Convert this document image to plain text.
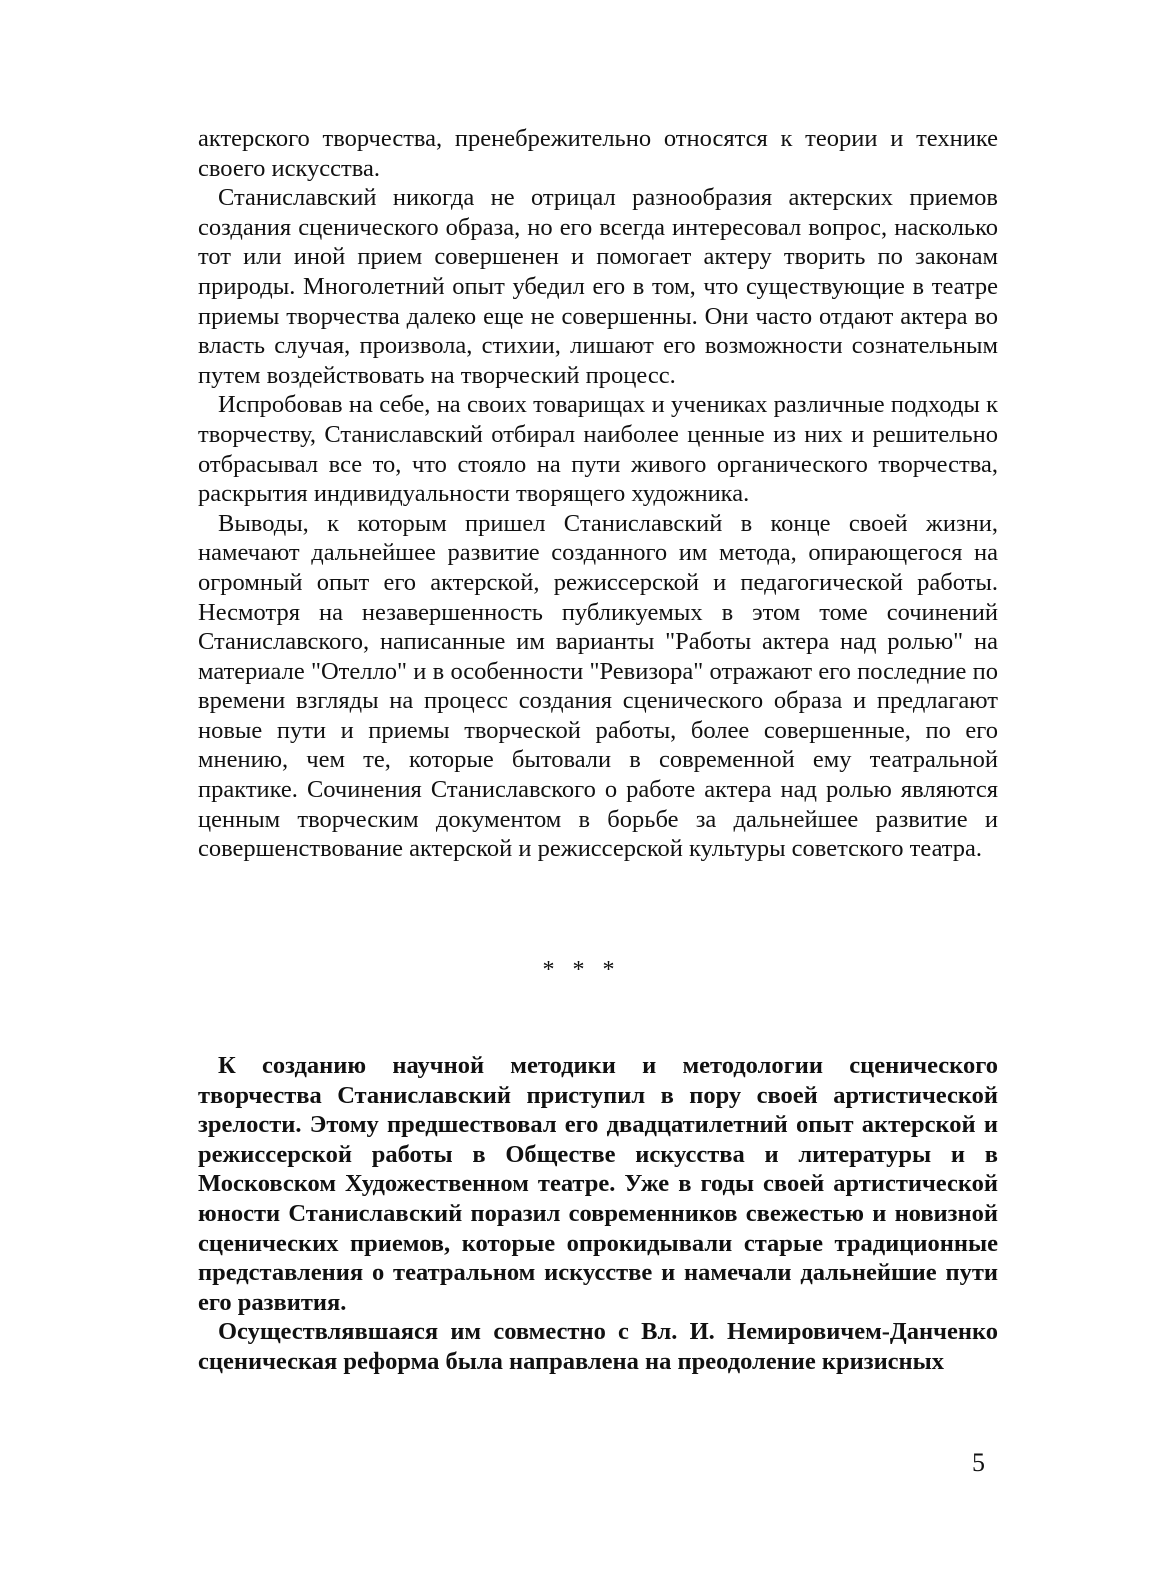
актерского творчества, пренебрежительно относятся к теории и технике своего искусства.

Станиславский никогда не отрицал разнообразия актерских приемов создания сценического образа, но его всегда интересовал вопрос, насколько тот или иной прием совершенен и помогает актеру творить по законам природы. Многолетний опыт убедил его в том, что существующие в театре приемы творчества далеко еще не совершенны. Они часто отдают актера во власть случая, произвола, стихии, лишают его возможности сознательным путем воздействовать на творческий процесс.

Испробовав на себе, на своих товарищах и учениках различные подходы к творчеству, Станиславский отбирал наиболее ценные из них и решительно отбрасывал все то, что стояло на пути живого органического творчества, раскрытия индивидуальности творящего художника.

Выводы, к которым пришел Станиславский в конце своей жизни, намечают дальнейшее развитие созданного им метода, опирающегося на огромный опыт его актерской, режиссерской и педагогической работы. Несмотря на незавершенность публикуемых в этом томе сочинений Станиславского, написанные им варианты "Работы актера над ролью" на материале "Отелло" и в особенности "Ревизора" отражают его последние по времени взгляды на процесс создания сценического образа и предлагают новые пути и приемы творческой работы, более совершенные, по его мнению, чем те, которые бытовали в современной ему театральной практике. Сочинения Станиславского о работе актера над ролью являются ценным творческим документом в борьбе за дальнейшее развитие и совершенствование актерской и режиссерской культуры советского театра.

* * *

К созданию научной методики и методологии сценического творчества Станиславский приступил в пору своей артистической зрелости. Этому предшествовал его двадцатилетний опыт актерской и режиссерской работы в Обществе искусства и литературы и в Московском Художественном театре. Уже в годы своей артистической юности Станиславский поразил современников свежестью и новизной сценических приемов, которые опрокидывали старые традиционные представления о театральном искусстве и намечали дальнейшие пути его развития.

Осуществлявшаяся им совместно с Вл. И. Немировичем-Данченко сценическая реформа была направлена на преодоление кризисных

5
